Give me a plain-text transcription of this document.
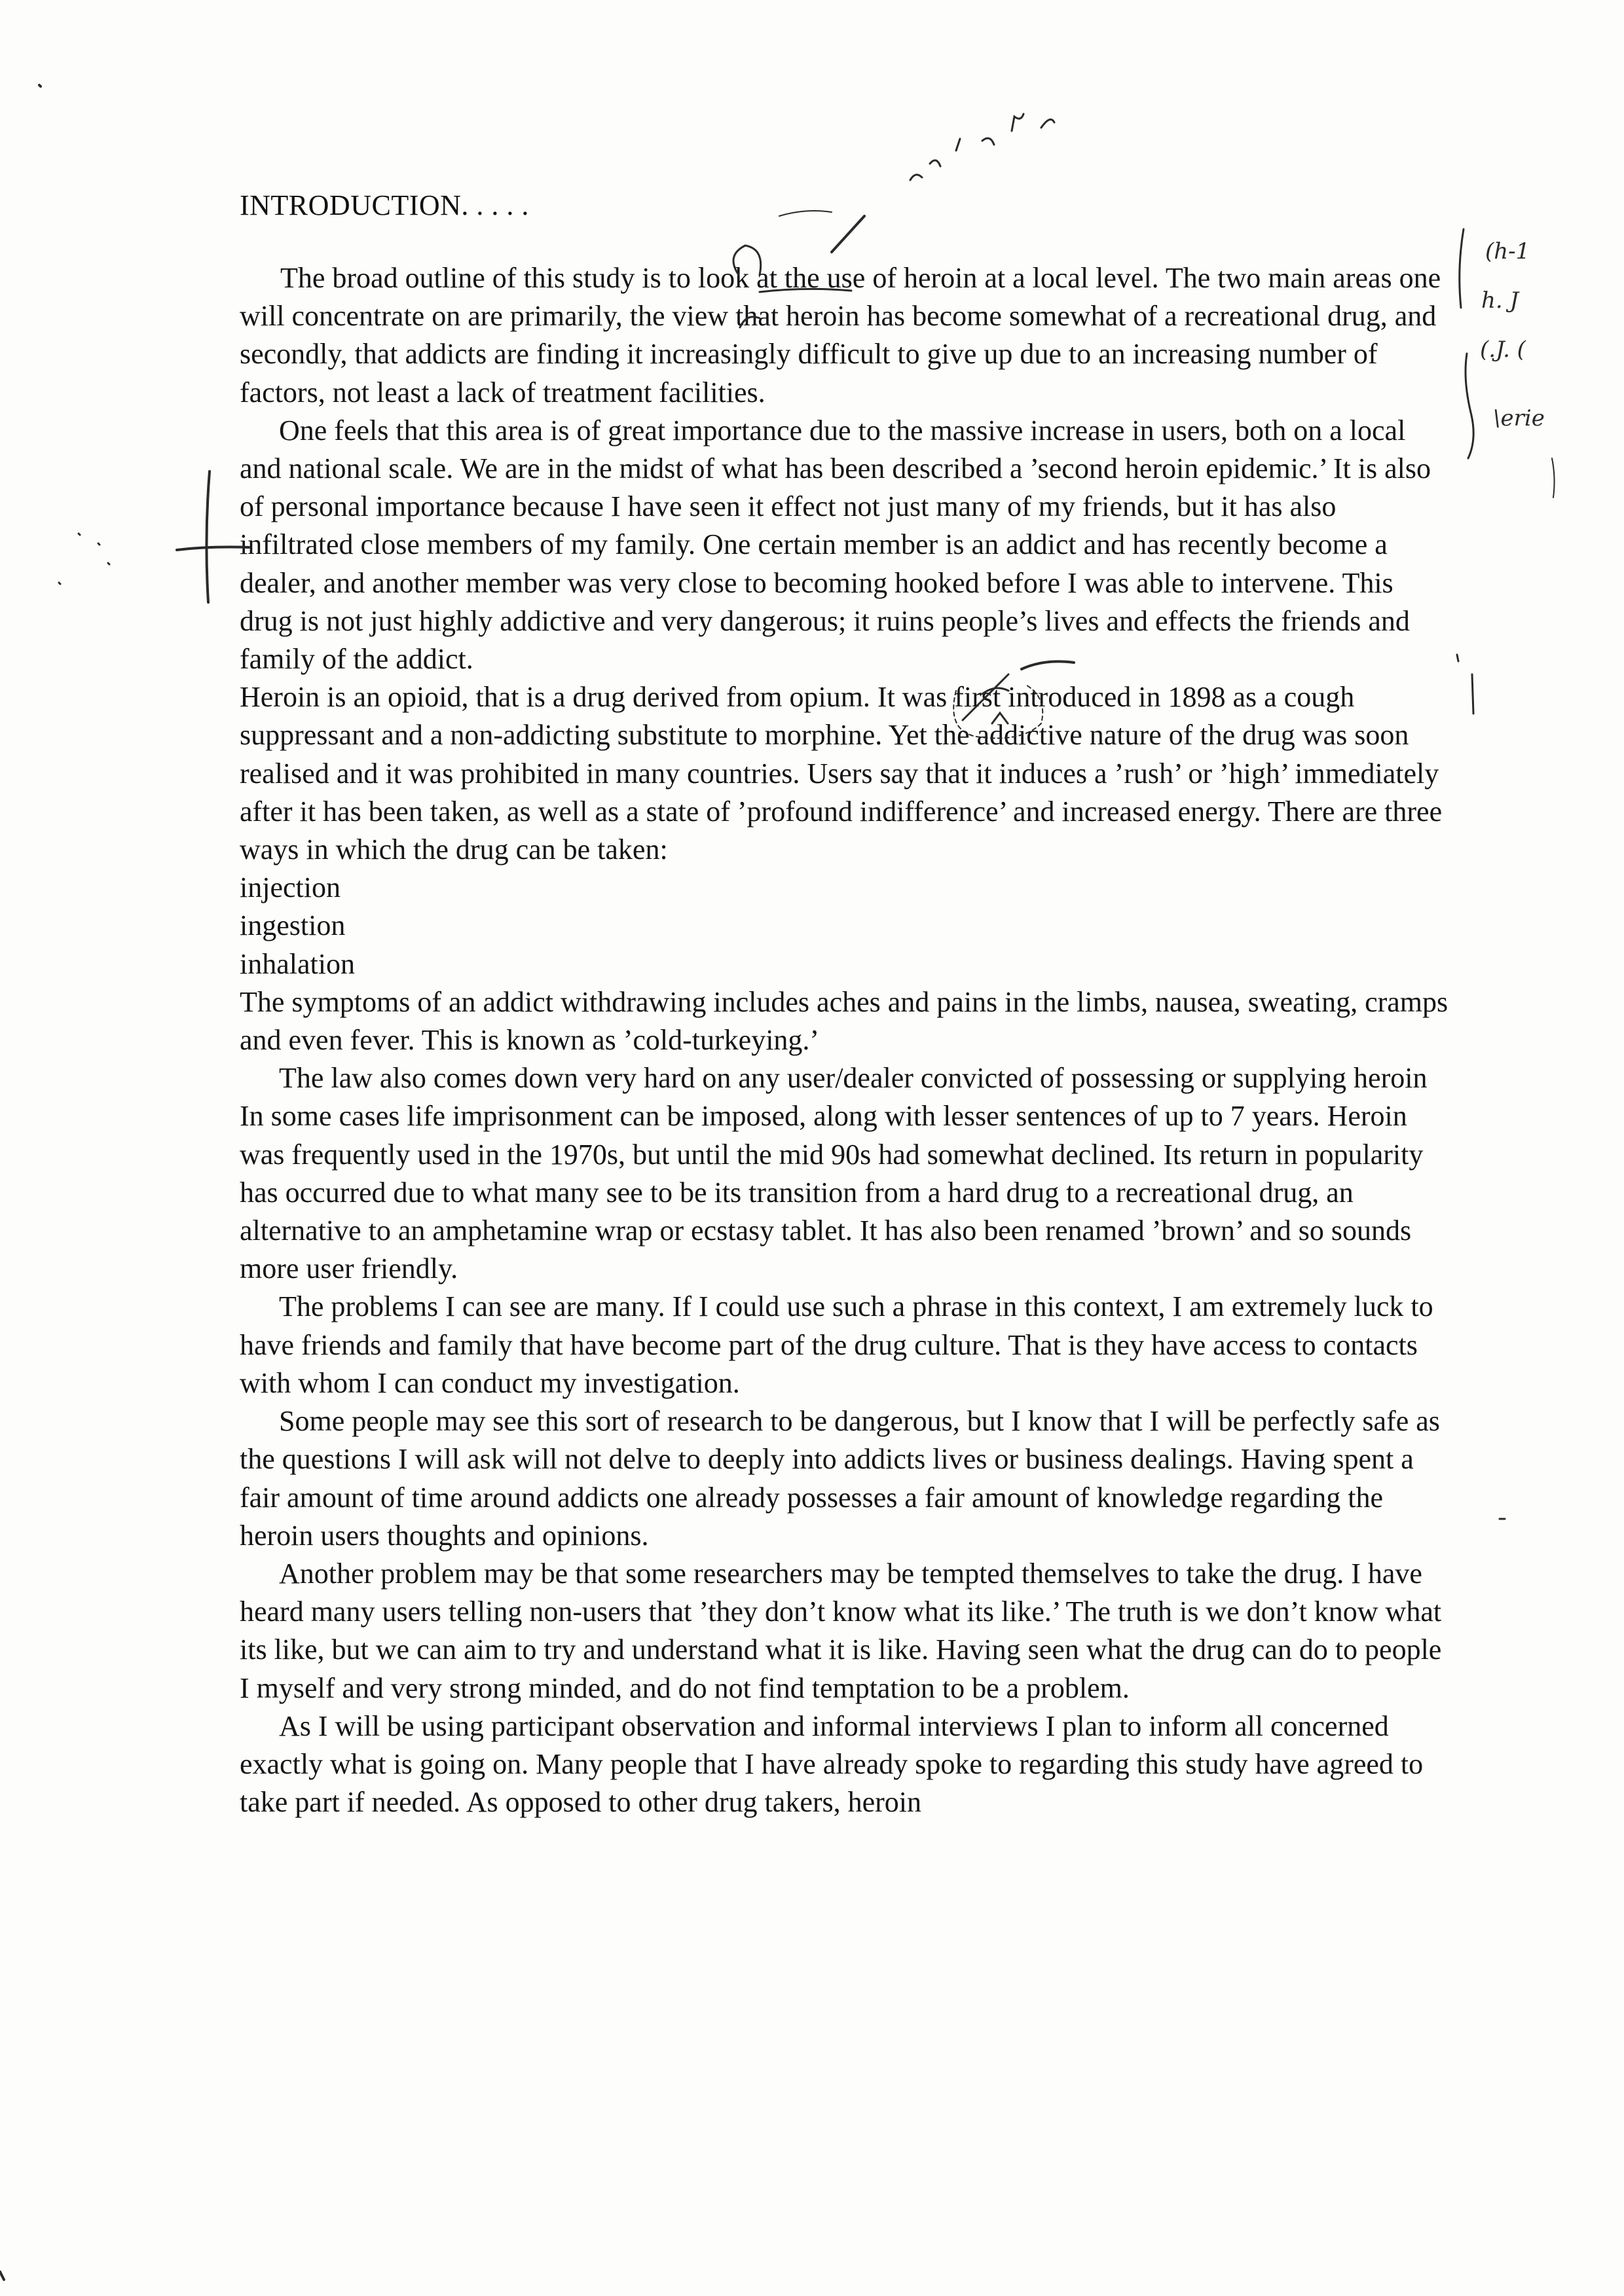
INTRODUCTION. . . . .

The broad outline of this study is to look at the use of heroin at a local level. The two main areas one will concentrate on are primarily, the view that heroin has become somewhat of a recreational drug, and secondly, that addicts are finding it increasingly difficult to give up due to an increasing number of factors, not least a lack of treatment facilities.

One feels that this area is of great importance due to the massive increase in users, both on a local and national scale. We are in the midst of what has been described a ’second heroin epidemic.’ It is also of personal importance because I have seen it effect not just many of my friends, but it has also infiltrated close members of my family. One certain member is an addict and has recently become a dealer, and another member was very close to becoming hooked before I was able to intervene. This drug is not just highly addictive and very dangerous; it ruins people’s lives and effects the friends and family of the addict.

Heroin is an opioid, that is a drug derived from opium. It was first introduced in 1898 as a cough suppressant and a non-addicting substitute to morphine. Yet the addictive nature of the drug was soon realised and it was prohibited in many countries. Users say that it induces a ’rush’ or ’high’ immediately after it has been taken, as well as a state of ’profound indifference’ and increased energy. There are three ways in which the drug can be taken:

injection

ingestion

inhalation

The symptoms of an addict withdrawing includes aches and pains in the limbs, nausea, sweating, cramps and even fever. This is known as ’cold-turkeying.’

The law also comes down very hard on any user/dealer convicted of possessing or supplying heroin In some cases life imprisonment can be imposed, along with lesser sentences of up to 7 years. Heroin was frequently used in the 1970s, but until the mid 90s had somewhat declined. Its return in popularity has occurred due to what many see to be its transition from a hard drug to a recreational drug, an alternative to an amphetamine wrap or ecstasy tablet. It has also been renamed ’brown’ and so sounds more user friendly.

The problems I can see are many. If I could use such a phrase in this context, I am extremely luck to have friends and family that have become part of the drug culture. That is they have access to contacts with whom I can conduct my investigation.

Some people may see this sort of research to be dangerous, but I know that I will be perfectly safe as the questions I will ask will not delve to deeply into addicts lives or business dealings. Having spent a fair amount of time around addicts one already possesses a fair amount of knowledge regarding the heroin users thoughts and opinions.

Another problem may be that some researchers may be tempted themselves to take the drug. I have heard many users telling non-users that ’they don’t know what its like.’ The truth is we don’t know what its like, but we can aim to try and understand what it is like. Having seen what the drug can do to people I myself and very strong minded, and do not find temptation to be a problem.

As I will be using participant observation and informal interviews I plan to inform all concerned exactly what is going on. Many people that I have already spoke to regarding this study have agreed to take part if needed. As opposed to other drug takers, heroin

(h-1
h. J
(.J. (
\erie
